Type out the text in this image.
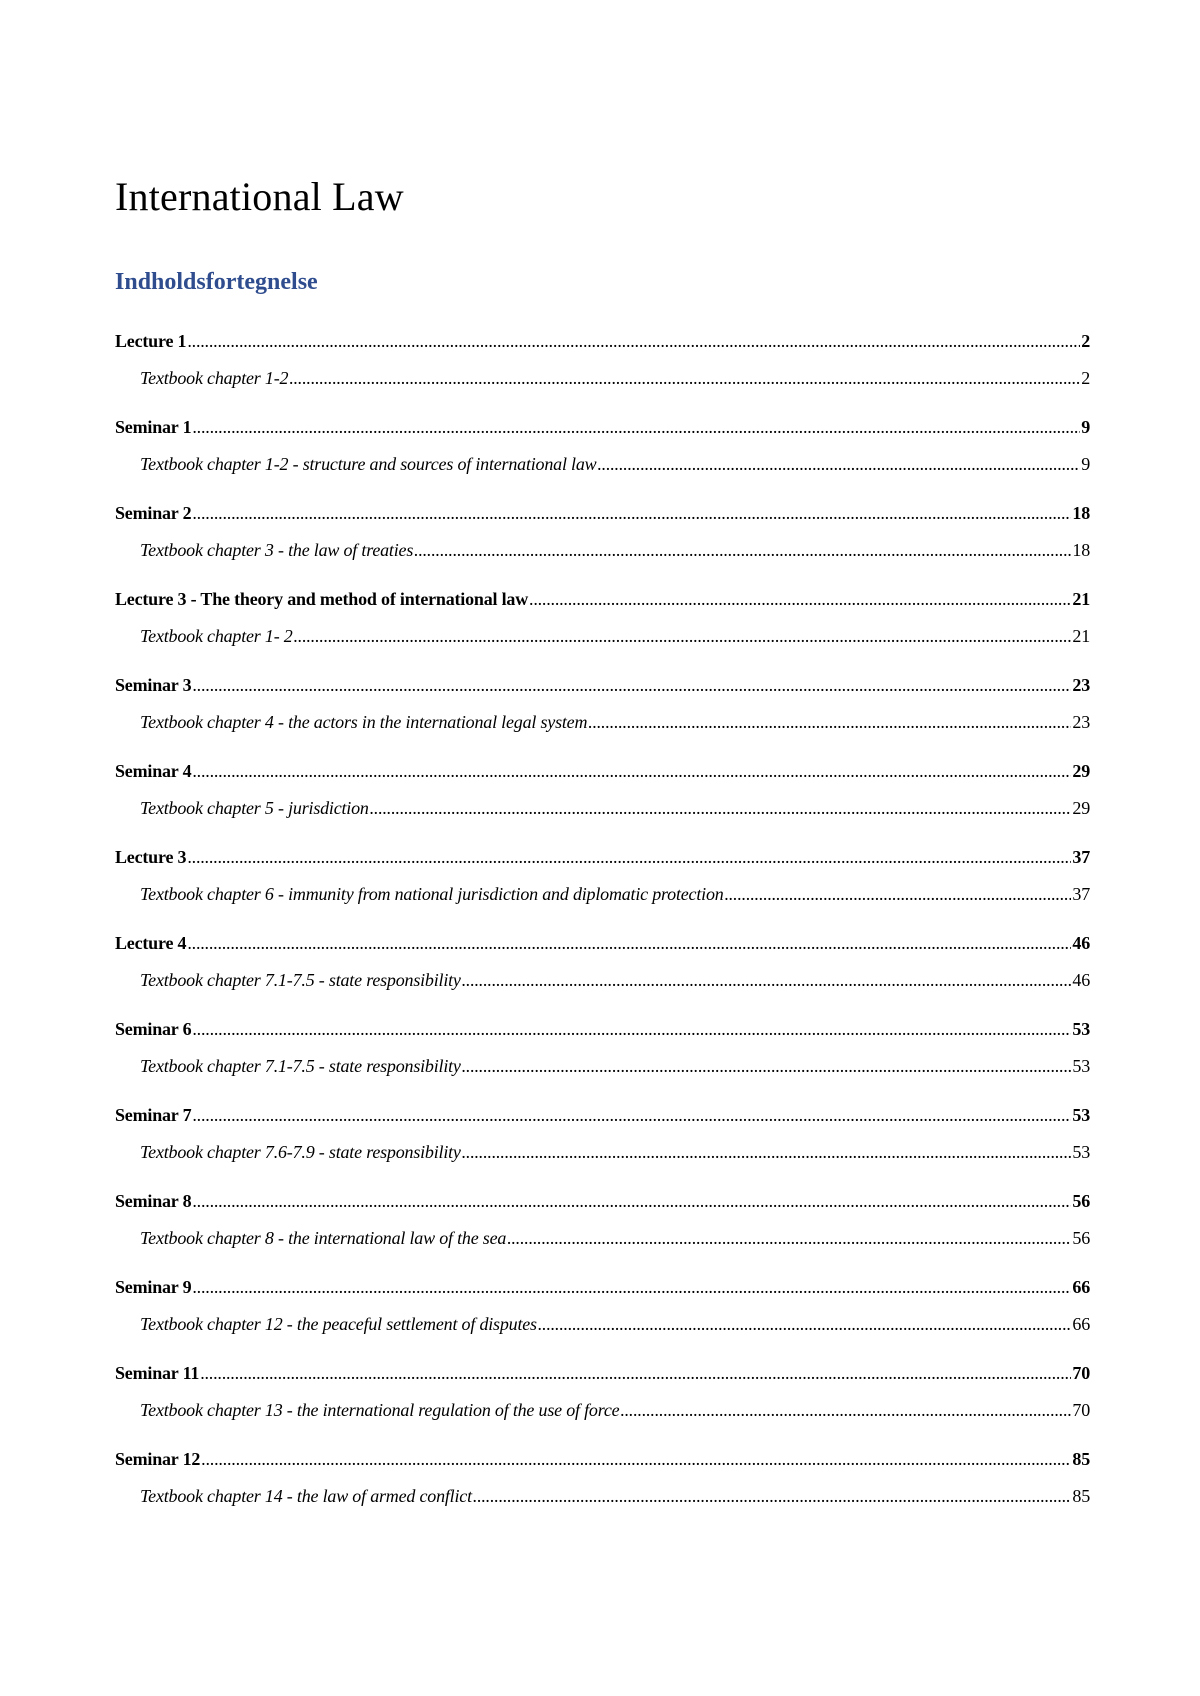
International Law
Indholdsfortegnelse
Lecture 1 .....	2
Textbook chapter 1-2 .....	2
Seminar 1 .....	9
Textbook chapter 1-2 - structure and sources of international law .....	9
Seminar 2 .....	18
Textbook chapter 3 - the law of treaties .....	18
Lecture 3 - The theory and method of international law .....	21
Textbook chapter 1- 2 .....	21
Seminar 3 .....	23
Textbook chapter 4 - the actors in the international legal system .....	23
Seminar 4 .....	29
Textbook chapter 5 - jurisdiction .....	29
Lecture 3 .....	37
Textbook chapter 6 - immunity from national jurisdiction and diplomatic protection .....	37
Lecture 4 .....	46
Textbook chapter 7.1-7.5 - state responsibility .....	46
Seminar 6 .....	53
Textbook chapter 7.1-7.5 - state responsibility .....	53
Seminar 7 .....	53
Textbook chapter 7.6-7.9 - state responsibility .....	53
Seminar 8 .....	56
Textbook chapter 8 - the international law of the sea .....	56
Seminar 9 .....	66
Textbook chapter 12 - the peaceful settlement of disputes .....	66
Seminar 11 .....	70
Textbook chapter 13 - the international regulation of the use of force .....	70
Seminar 12 .....	85
Textbook chapter 14 - the law of armed conflict .....	85
